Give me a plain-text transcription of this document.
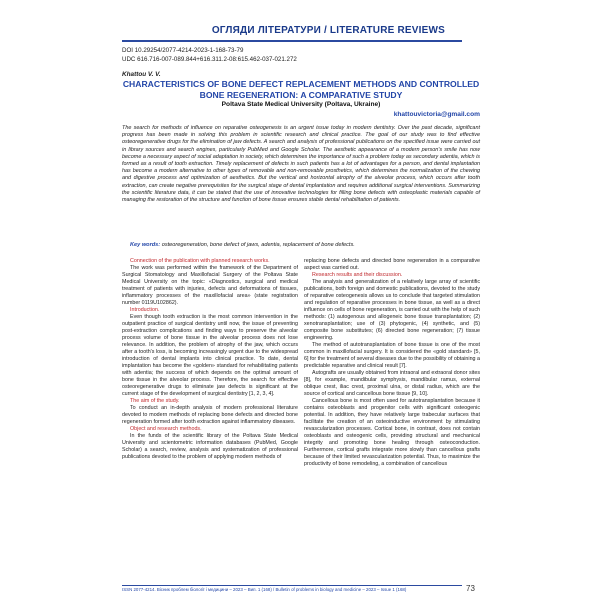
ОГЛЯДИ ЛІТЕРАТУРИ / LITERATURE REVIEWS
DOI 10.29254/2077-4214-2023-1-168-73-79
UDC 616.716-007-089.844+616.311.2-08:615.462-037-021.272
Khattou V. V.
CHARACTERISTICS OF BONE DEFECT REPLACEMENT METHODS AND CONTROLLED BONE REGENERATION: A COMPARATIVE STUDY
Poltava State Medical University (Poltava, Ukraine)
khattouvictoria@gmail.com

The search for methods of influence on reparative osteogenesis is an urgent issue today in modern dentistry. Over the past decade, significant progress has been made in solving this problem in scientific research and clinical practice. The goal of our study was to find effective osteoregenerative drugs for the elimination of jaw defects. A search and analysis of professional publications on the specified issue were carried out in library sources and search engines, particularly PubMed and Google Scholar. The aesthetic appearance of a modern person's smile has now become a necessary aspect of social adaptation in society, which determines the importance of such a problem today as secondary adentia, which is formed as a result of tooth extraction. Timely replacement of defects in such patients has a lot of advantages for a person, and dental implantation has become a modern alternative to other types of removable and non-removable prosthetics, which determines the normalization of the chewing and digestive process and optimization of aesthetics. But the vertical and horizontal atrophy of the alveolar process, which occurs after tooth extraction, can create negative prerequisites for the surgical stage of dental implantation and requires additional surgical interventions. Summarizing the scientific literature data, it can be stated that the use of innovative technologies for filling bone defects with osteoplastic materials capable of managing the restoration of the structure and function of bone tissue ensures stable dental rehabilitation of patients.

Key words: osteoregeneration, bone defect of jaws, adentia, replacement of bone defects.

Connection of the publication with planned research works.

The work was performed within the framework of the Department of Surgical Stomatology and Maxillofacial Surgery of the Poltava State Medical University on the topic: «Diagnostics, surgical and medical treatment of patients with injuries, defects and deformations of tissues, inflammatory processes of the maxillofacial area» (state registration number 0119U102862).

Introduction.

Even though tooth extraction is the most common intervention in the outpatient practice of surgical dentistry until now, the issue of preventing post-extraction complications and finding ways to preserve the alveolar process volume of bone tissue in the alveolar process does not lose relevance. In addition, the problem of atrophy of the jaw, which occurs after a tooth's loss, is becoming increasingly urgent due to the widespread introduction of dental implants into clinical practice. To date, dental implantation has become the «golden» standard for rehabilitating patients with adentia; the success of which depends on the optimal amount of bone tissue in the alveolar process. Therefore, the search for effective osteoregenerative drugs to eliminate jaw defects is significant at the current stage of the development of surgical dentistry [1, 2, 3, 4].

The aim of the study.

To conduct an in-depth analysis of modern professional literature devoted to modern methods of replacing bone defects and directed bone regeneration formed after tooth extraction against inflammatory diseases.

Object and research methods.

In the funds of the scientific library of the Poltava State Medical University and scientometric information databases (PubMed, Google Scholar) a search, review, analysis and systematization of professional publications devoted to the problem of applying modern methods of

replacing bone defects and directed bone regeneration in a comparative aspect was carried out.

Research results and their discussion.

The analysis and generalization of a relatively large array of scientific publications, both foreign and domestic publications, devoted to the study of reparative osteogenesis allows us to conclude that targeted stimulation and regulation of reparative processes in bone tissue, as well as a direct influence on cells of bone regeneration, is carried out with the help of such methods: (1) autogenous and allogeneic bone tissue transplantation; (2) xenotransplantation; use of (3) phytogenic, (4) synthetic, and (5) composite bone substitutes; (6) directed bone regeneration; (7) tissue engineering.

The method of autotransplantation of bone tissue is one of the most common in maxillofacial surgery. It is considered the «gold standard» [5, 6] for the treatment of several diseases due to the possibility of obtaining a predictable reparative and clinical result [7].

Autografts are usually obtained from intraoral and extraoral donor sites [8], for example, mandibular symphysis, mandibular ramus, external oblique crest, iliac crest, proximal ulna, or distal radius, which are the source of cortical and cancellous bone tissue [9, 10].

Cancellous bone is most often used for autotransplantation because it contains osteoblasts and progenitor cells with significant osteogenic potential. In addition, they have relatively large trabecular surfaces that facilitate the creation of an osteoinductive environment by stimulating revascularization processes. Cortical bone, in contrast, does not contain osteoblasts and osteogenic cells, providing structural and mechanical integrity and promoting bone healing through osteoconduction. Furthermore, cortical grafts integrate more slowly than cancellous grafts because of their limited revascularization potential. Thus, to maximize the productivity of bone remodeling, a combination of cancellous

ISSN 2077-4214. Вісник проблем біології і медицини – 2023 – Вип. 1 (168) / Bulletin of problems in biology and medicine – 2023 – Issue 1 (168)	73
